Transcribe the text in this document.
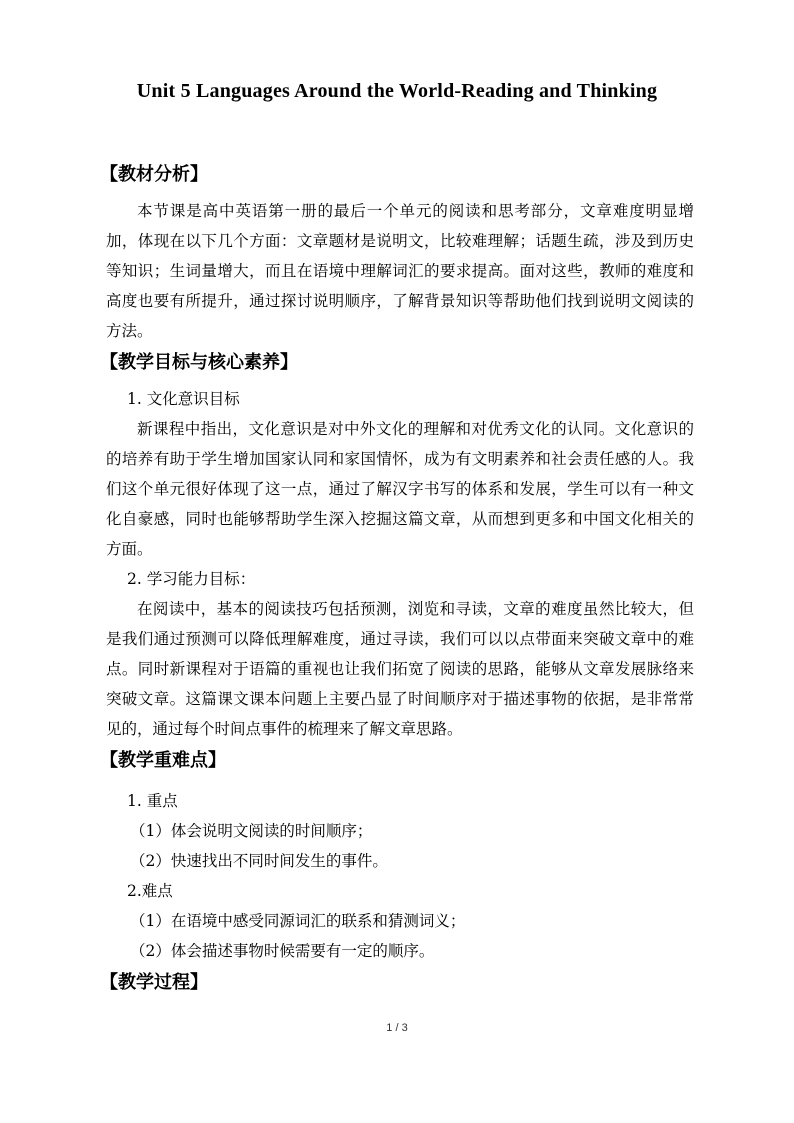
Unit 5 Languages Around the World-Reading and Thinking
【教材分析】
本节课是高中英语第一册的最后一个单元的阅读和思考部分，文章难度明显增加，体现在以下几个方面：文章题材是说明文，比较难理解；话题生疏，涉及到历史等知识；生词量增大，而且在语境中理解词汇的要求提高。面对这些，教师的难度和高度也要有所提升，通过探讨说明顺序，了解背景知识等帮助他们找到说明文阅读的方法。
【教学目标与核心素养】
1. 文化意识目标
新课程中指出，文化意识是对中外文化的理解和对优秀文化的认同。文化意识的的培养有助于学生增加国家认同和家国情怀，成为有文明素养和社会责任感的人。我们这个单元很好体现了这一点，通过了解汉字书写的体系和发展，学生可以有一种文化自豪感，同时也能够帮助学生深入挖掘这篇文章，从而想到更多和中国文化相关的方面。
2. 学习能力目标：
在阅读中，基本的阅读技巧包括预测，浏览和寻读，文章的难度虽然比较大，但是我们通过预测可以降低理解难度，通过寻读，我们可以以点带面来突破文章中的难点。同时新课程对于语篇的重视也让我们拓宽了阅读的思路，能够从文章发展脉络来突破文章。这篇课文课本问题上主要凸显了时间顺序对于描述事物的依据，是非常常见的，通过每个时间点事件的梳理来了解文章思路。
【教学重难点】
1. 重点
（1）体会说明文阅读的时间顺序；
（2）快速找出不同时间发生的事件。
2.难点
（1）在语境中感受同源词汇的联系和猜测词义；
（2）体会描述事物时候需要有一定的顺序。
【教学过程】
1 / 3
